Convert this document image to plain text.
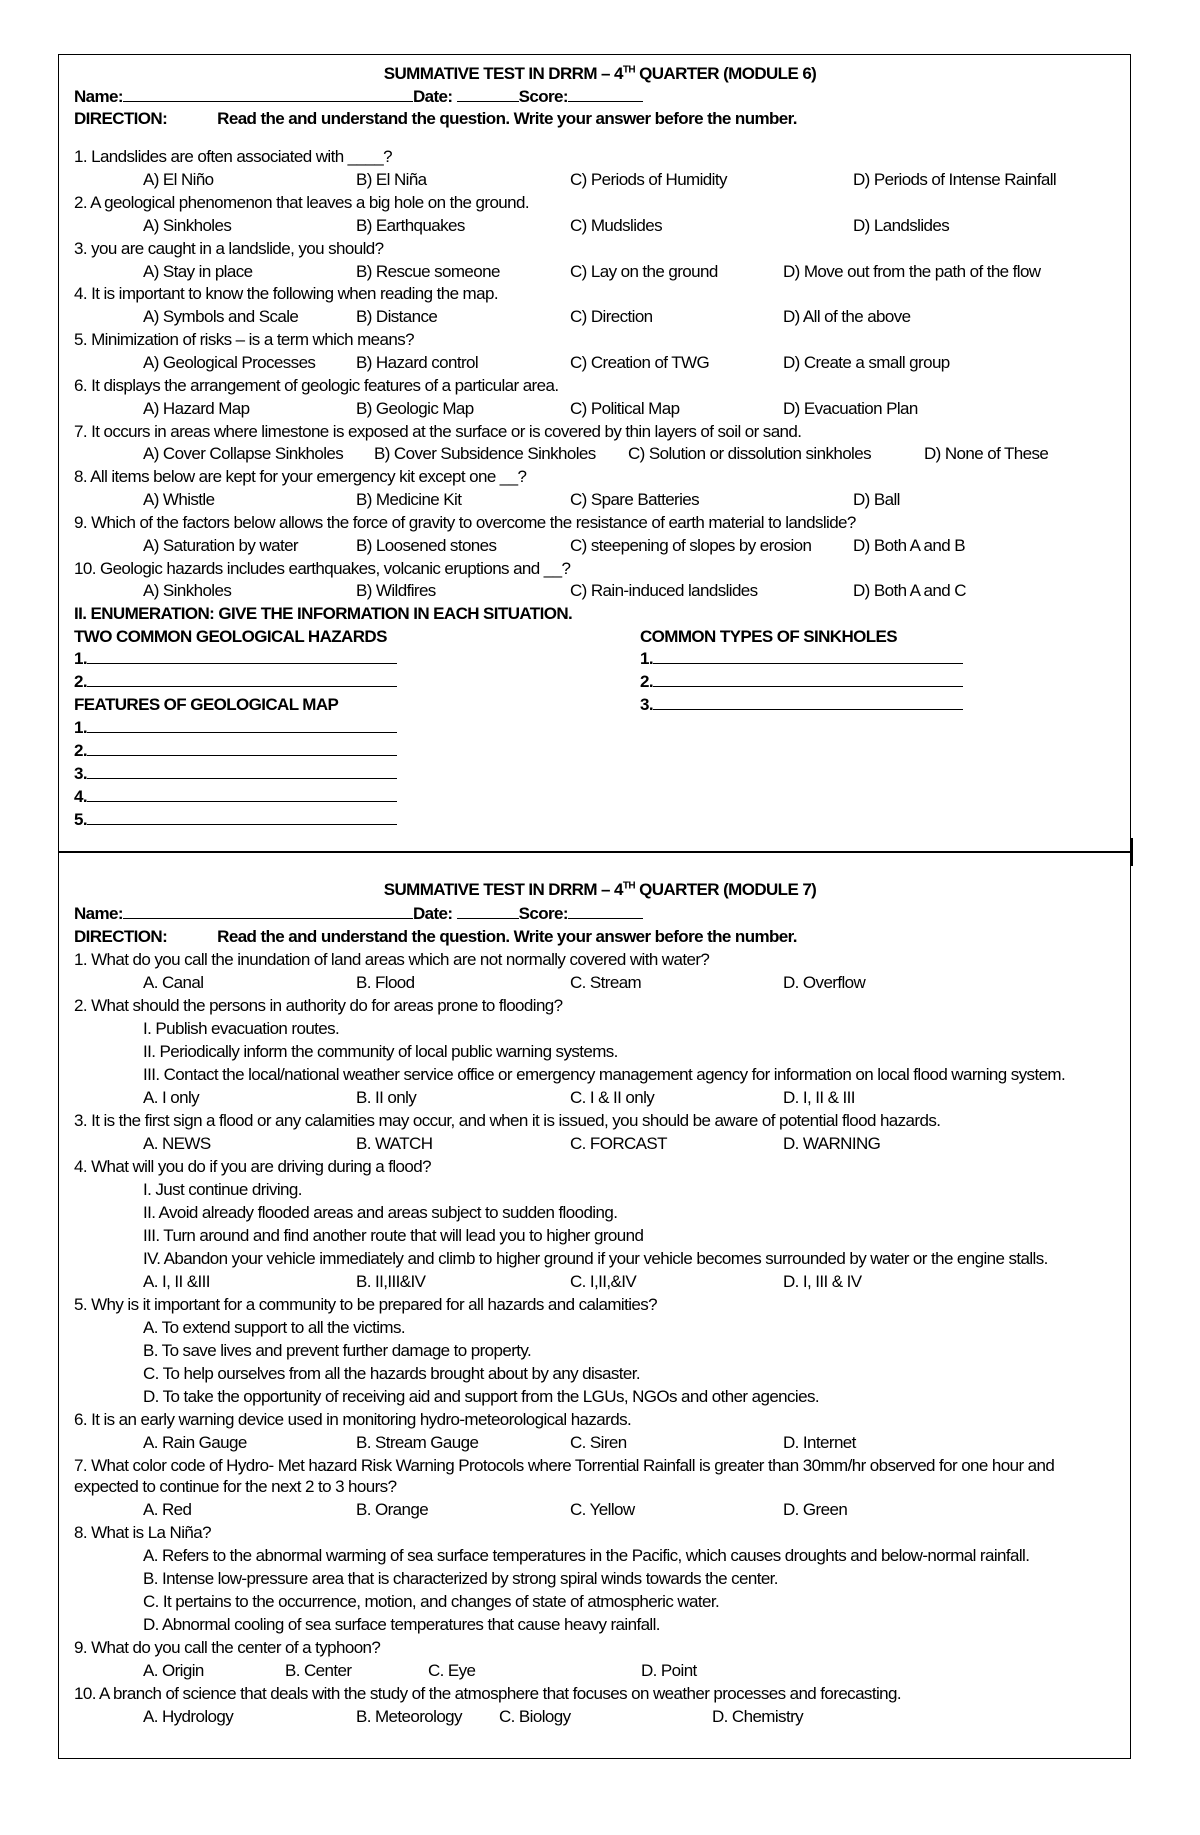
SUMMATIVE TEST IN DRRM – 4TH QUARTER (MODULE 6)
Name:	Date:	Score:
DIRECTION:	Read the and understand the question. Write your answer before the number.
1. Landslides are often associated with ____?
A) El Niño	B) El Niña	C) Periods of Humidity	D) Periods of Intense Rainfall
2. A geological phenomenon that leaves a big hole on the ground.
A) Sinkholes	B) Earthquakes	C) Mudslides	D) Landslides
3. you are caught in a landslide, you should?
A) Stay in place	B) Rescue someone	C) Lay on the ground	D) Move out from the path of the flow
4. It is important to know the following when reading the map.
A) Symbols and Scale	B) Distance	C) Direction	D) All of the above
5. Minimization of risks – is a term which means?
A) Geological Processes B) Hazard control	C) Creation of TWG	D) Create a small group
6. It displays the arrangement of geologic features of a particular area.
A) Hazard Map	B) Geologic Map	C) Political Map	D) Evacuation Plan
7. It occurs in areas where limestone is exposed at the surface or is covered by thin layers of soil or sand.
A) Cover Collapse Sinkholes B) Cover Subsidence Sinkholes C) Solution or dissolution sinkholes	D) None of These
8. All items below are kept for your emergency kit except one __?
A) Whistle	B) Medicine Kit	C) Spare Batteries	D) Ball
9. Which of the factors below allows the force of gravity to overcome the resistance of earth material to landslide?
A) Saturation by water	B) Loosened stones	C) steepening of slopes by erosion D) Both A and B
10. Geologic hazards includes earthquakes, volcanic eruptions and __?
A) Sinkholes	B) Wildfires	C) Rain-induced landslides	D) Both A and C
II. ENUMERATION: GIVE THE INFORMATION IN EACH SITUATION.
TWO COMMON GEOLOGICAL HAZARDS	COMMON TYPES OF SINKHOLES
1.
2.
FEATURES OF GEOLOGICAL MAP
1.
2.
3.
4.
5.
1.
2.
3.
SUMMATIVE TEST IN DRRM – 4TH QUARTER (MODULE 7)
Name:	Date:	Score:
DIRECTION:	Read the and understand the question. Write your answer before the number.
1. What do you call the inundation of land areas which are not normally covered with water?
A. Canal	B. Flood	C. Stream	D. Overflow
2. What should the persons in authority do for areas prone to flooding?
I. Publish evacuation routes.
II. Periodically inform the community of local public warning systems.
III. Contact the local/national weather service office or emergency management agency for information on local flood warning system.
A. I only	B. II only	C. I & II only	D. I, II & III
3. It is the first sign a flood or any calamities may occur, and when it is issued, you should be aware of potential flood hazards.
A. NEWS	B. WATCH	C. FORCAST	D. WARNING
4. What will you do if you are driving during a flood?
I. Just continue driving.
II. Avoid already flooded areas and areas subject to sudden flooding.
III. Turn around and find another route that will lead you to higher ground
IV. Abandon your vehicle immediately and climb to higher ground if your vehicle becomes surrounded by water or the engine stalls.
A. I, II &III	B. II,III&IV	C. I,II,&IV	D. I, III & IV
5. Why is it important for a community to be prepared for all hazards and calamities?
A. To extend support to all the victims.
B. To save lives and prevent further damage to property.
C. To help ourselves from all the hazards brought about by any disaster.
D. To take the opportunity of receiving aid and support from the LGUs, NGOs and other agencies.
6. It is an early warning device used in monitoring hydro-meteorological hazards.
A. Rain Gauge	B. Stream Gauge	C. Siren	D. Internet
7. What color code of Hydro- Met hazard Risk Warning Protocols where Torrential Rainfall is greater than 30mm/hr observed for one hour and
expected to continue for the next 2 to 3 hours?
A. Red	B. Orange	C. Yellow	D. Green
8. What is La Niña?
A. Refers to the abnormal warming of sea surface temperatures in the Pacific, which causes droughts and below-normal rainfall.
B. Intense low-pressure area that is characterized by strong spiral winds towards the center.
C. It pertains to the occurrence, motion, and changes of state of atmospheric water.
D. Abnormal cooling of sea surface temperatures that cause heavy rainfall.
9. What do you call the center of a typhoon?
A. Origin	B. Center	C. Eye	D. Point
10. A branch of science that deals with the study of the atmosphere that focuses on weather processes and forecasting.
A. Hydrology	B. Meteorology C. Biology	D. Chemistry
